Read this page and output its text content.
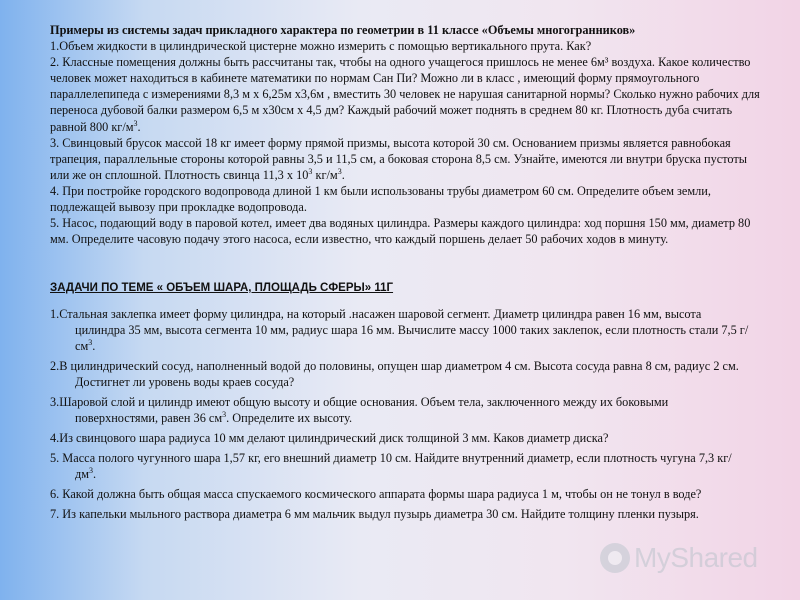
Примеры из системы задач прикладного характера по геометрии в 11 классе «Объемы многогранников»

1.Объем жидкости в цилиндрической цистерне можно измерить с помощью вертикального прута. Как?

2. Классные помещения должны быть рассчитаны так, чтобы на одного учащегося пришлось не менее 6м³ воздуха. Какое количество человек может находиться в кабинете математики по нормам Сан Пи? Можно ли в класс , имеющий форму прямоугольного параллелепипеда с измерениями 8,3 м х 6,25м х3,6м , вместить 30 человек не нарушая санитарной нормы? Сколько нужно рабочих для переноса дубовой балки размером 6,5 м х30см х 4,5 дм? Каждый рабочий может поднять в среднем 80 кг. Плотность дуба считать равной 800 $кг/м^3$.

3. Свинцовый брусок массой 18 кг имеет форму прямой призмы, высота которой 30 см. Основанием призмы является равнобокая трапеция, параллельные стороны которой равны 3,5 и 11,5 см, а боковая сторона 8,5 см. Узнайте, имеются ли внутри бруска пустоты или же он сплошной. Плотность свинца 11,3 х $10^3$ $кг/м^3$.

4. При постройке городского водопровода длиной 1 км были использованы трубы диаметром 60 см. Определите объем земли, подлежащей вывозу при прокладке водопровода.

5. Насос, подающий воду в паровой котел, имеет два водяных цилиндра. Размеры каждого цилиндра: ход поршня 150 мм, диаметр 80 мм. Определите часовую подачу этого насоса, если известно, что каждый поршень делает 50 рабочих ходов в минуту.

ЗАДАЧИ ПО ТЕМЕ « ОБЪЕМ ШАРА, ПЛОЩАДЬ СФЕРЫ» 11Г

1.Стальная заклепка имеет форму цилиндра, на который .насажен шаровой сегмент. Диаметр цилиндра равен 16 мм, высота цилиндра 35 мм, высота сегмента 10 мм, радиус шара 16 мм. Вычислите массу 1000 таких заклепок, если плотность стали 7,5 $г/см^3$.

2.В цилиндрический сосуд, наполненный водой до половины, опущен шар диаметром 4 см. Высота сосуда равна 8 см, радиус 2 см. Достигнет ли уровень воды краев сосуда?

3.Шаровой слой и цилиндр имеют общую высоту и общие основания. Объем тела, заключенного между их боковыми поверхностями, равен 36 $см^3$. Определите их высоту.

4.Из свинцового шара радиуса 10 мм делают цилиндрический диск толщиной 3 мм. Каков диаметр диска?

5. Масса полого чугунного шара 1,57 кг, его внешний диаметр 10 см. Найдите внутренний диаметр, если плотность чугуна 7,3 $кг/дм^3$.

6. Какой должна быть общая масса спускаемого космического аппарата формы шара радиуса 1 м, чтобы он не тонул в воде?

7. Из капельки мыльного раствора диаметра 6 мм мальчик выдул пузырь диаметра 30 см. Найдите толщину пленки пузыря.

MyShared
